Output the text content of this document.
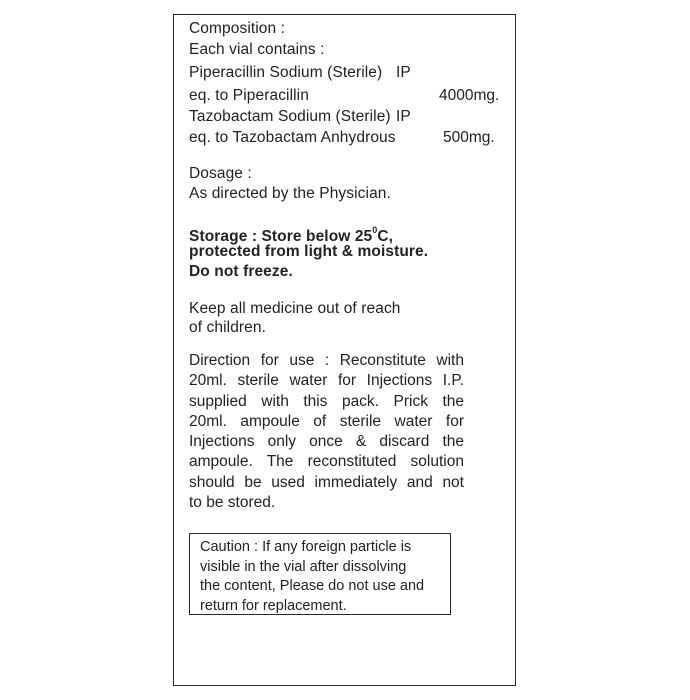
Composition :
Each vial contains :
Piperacillin Sodium (Sterile) IP
eq. to Piperacillin	4000mg.
Tazobactam Sodium (Sterile) IP
eq. to Tazobactam Anhydrous	500mg.
Dosage :
As directed by the Physician.
Storage : Store below $25^0C$,
protected from light & moisture.
Do not freeze.
Keep all medicine out of reach
of children.
Direction for use : Reconstitute with
20ml. sterile water for Injections I.P.
supplied with this pack. Prick the
20ml. ampoule of sterile water for
Injections only once & discard the
ampoule. The reconstituted solution
should be used immediately and not
to be stored.
Caution : If any foreign particle is
visible in the vial after dissolving
the content, Please do not use and
return for replacement.
